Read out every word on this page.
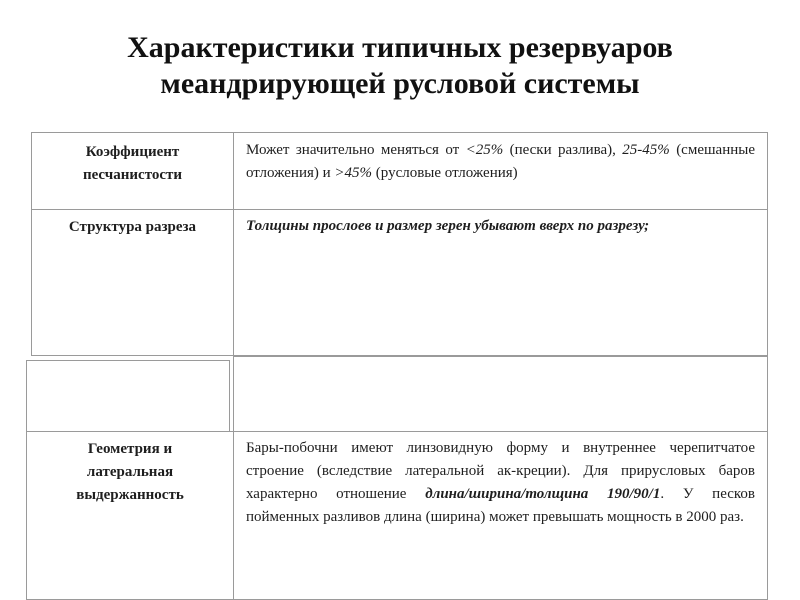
Характеристики типичных резервуаров
меандрирующей русловой системы
Коэффициент
песчанистости
Может значительно меняться от <25% (пески разлива), 25-45% (смешанные отложения) и >45% (русловые отложения)
Структура разреза	Толщины прослоев и размер зерен убывают вверх по разрезу;
Геометрия и
латеральная
выдержанность
Бары-побочни имеют линзовидную форму и внутреннее черепитчатое строение (вследствие латеральной ак-креции). Для прирусловых баров характерно отношение длина/ширина/толщина 190/90/1. У песков пойменных разливов длина (ширина) может превышать мощность в 2000 раз.
